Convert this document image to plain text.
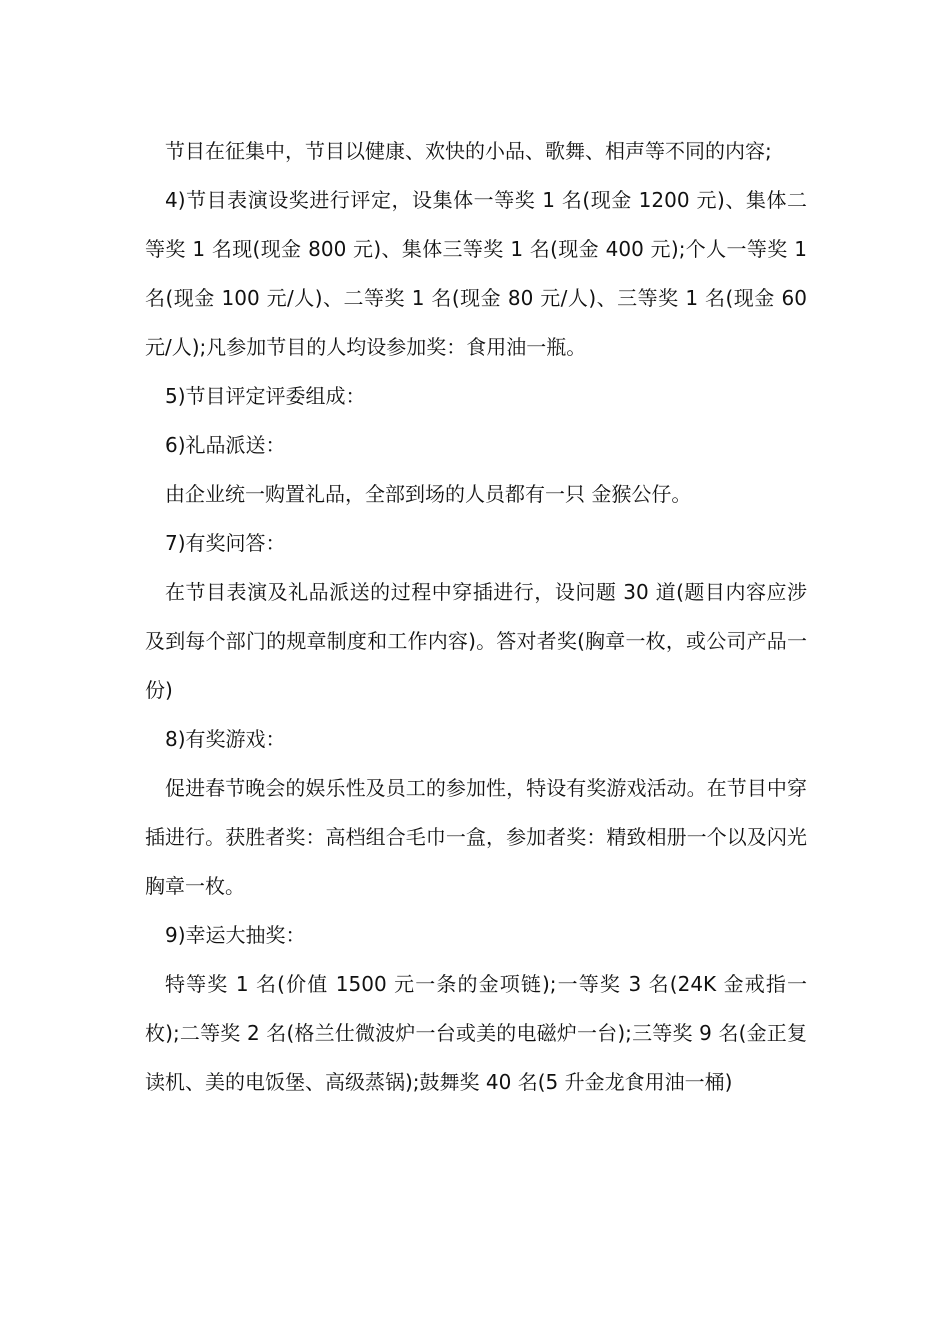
节目在征集中，节目以健康、欢快的小品、歌舞、相声等不同的内容;

4)节目表演设奖进行评定，设集体一等奖 1 名(现金 1200 元)、集体二等奖 1 名现(现金 800 元)、集体三等奖 1 名(现金 400 元);个人一等奖 1 名(现金 100 元/人)、二等奖 1 名(现金 80 元/人)、三等奖 1 名(现金 60 元/人);凡参加节目的人均设参加奖：食用油一瓶。

5)节目评定评委组成：

6)礼品派送：

由企业统一购置礼品，全部到场的人员都有一只 金猴公仔。

7)有奖问答：

在节目表演及礼品派送的过程中穿插进行，设问题 30 道(题目内容应涉及到每个部门的规章制度和工作内容)。答对者奖(胸章一枚，或公司产品一份)

8)有奖游戏：

促进春节晚会的娱乐性及员工的参加性，特设有奖游戏活动。在节目中穿插进行。获胜者奖：高档组合毛巾一盒，参加者奖：精致相册一个以及闪光胸章一枚。

9)幸运大抽奖：

特等奖 1 名(价值 1500 元一条的金项链);一等奖 3 名(24K 金戒指一枚);二等奖 2 名(格兰仕微波炉一台或美的电磁炉一台);三等奖 9 名(金正复读机、美的电饭堡、高级蒸锅);鼓舞奖 40 名(5 升金龙食用油一桶)
